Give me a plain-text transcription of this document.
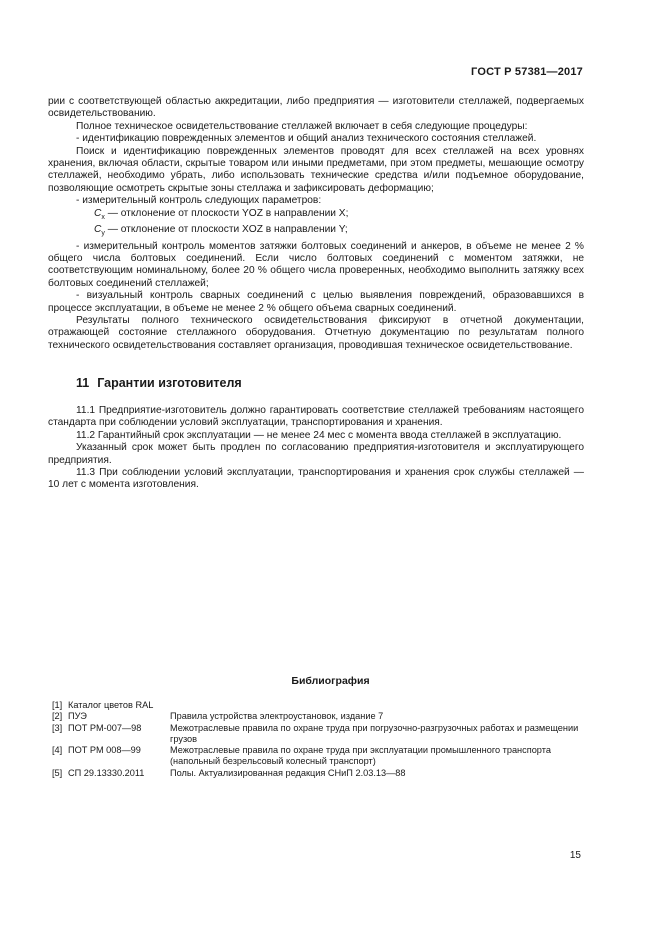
ГОСТ Р 57381—2017

рии с соответствующей областью аккредитации, либо предприятия — изготовители стеллажей, подвергаемых освидетельствованию.

Полное техническое освидетельствование стеллажей включает в себя следующие процедуры:

- идентификацию поврежденных элементов и общий анализ технического состояния стеллажей.

Поиск и идентификацию поврежденных элементов проводят для всех стеллажей на всех уровнях хранения, включая области, скрытые товаром или иными предметами, при этом предметы, мешающие осмотру стеллажей, необходимо убрать, либо использовать технические средства и/или подъемное оборудование, позволяющие осмотреть скрытые зоны стеллажа и зафиксировать деформацию;

- измерительный контроль следующих параметров:

$C_x$ — отклонение от плоскости YOZ в направлении X;

$C_y$ — отклонение от плоскости XOZ в направлении Y;

- измерительный контроль моментов затяжки болтовых соединений и анкеров, в объеме не менее 2 % общего числа болтовых соединений. Если число болтовых соединений с моментом затяжки, не соответствующим номинальному, более 20 % общего числа проверенных, необходимо выполнить затяжку всех болтовых соединений стеллажей;

- визуальный контроль сварных соединений с целью выявления повреждений, образовавшихся в процессе эксплуатации, в объеме не менее 2 % общего объема сварных соединений.

Результаты полного технического освидетельствования фиксируют в отчетной документации, отражающей состояние стеллажного оборудования. Отчетную документацию по результатам полного технического освидетельствования составляет организация, проводившая техническое освидетельствование.

11 Гарантии изготовителя

11.1 Предприятие-изготовитель должно гарантировать соответствие стеллажей требованиям настоящего стандарта при соблюдении условий эксплуатации, транспортирования и хранения.

11.2 Гарантийный срок эксплуатации — не менее 24 мес с момента ввода стеллажей в эксплуатацию.

Указанный срок может быть продлен по согласованию предприятия-изготовителя и эксплуатирующего предприятия.

11.3 При соблюдении условий эксплуатации, транспортирования и хранения срок службы стеллажей — 10 лет с момента изготовления.

Библиография
[1] Каталог цветов RAL
[2] ПУЭ	Правила устройства электроустановок, издание 7
[3] ПОТ РМ-007—98	Межотраслевые правила по охране труда при погрузочно-разгрузочных работах и размещении грузов
[4] ПОТ РМ 008—99	Межотраслевые правила по охране труда при эксплуатации промышленного транспорта (напольный безрельсовый колесный транспорт)
[5] СП 29.13330.2011	Полы. Актуализированная редакция СНиП 2.03.13—88
15
